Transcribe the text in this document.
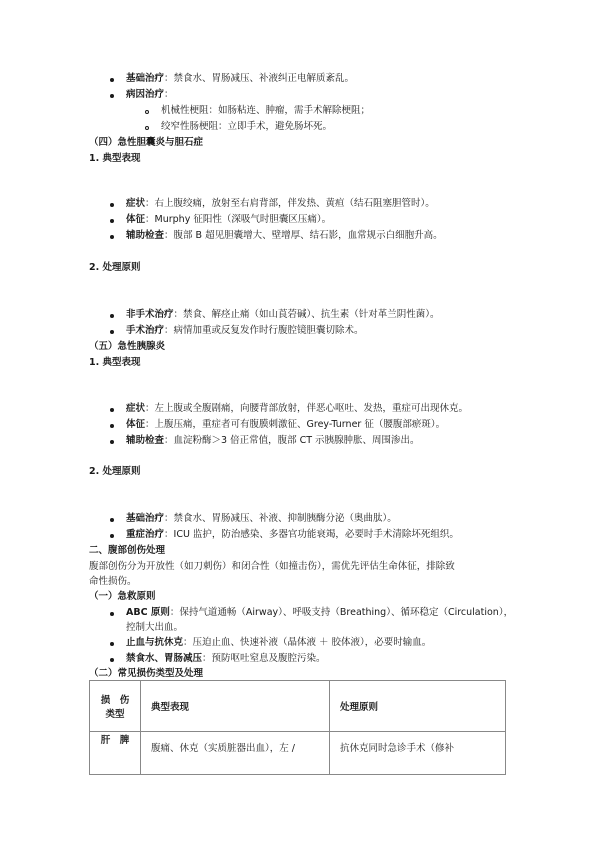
基础治疗：禁食水、胃肠减压、补液纠正电解质紊乱。
病因治疗：
机械性梗阻：如肠粘连、肿瘤，需手术解除梗阻；
绞窄性肠梗阻：立即手术，避免肠坏死。
（四）急性胆囊炎与胆石症
1. 典型表现
症状：右上腹绞痛，放射至右肩背部，伴发热、黄疸（结石阻塞胆管时）。
体征：Murphy 征阳性（深吸气时胆囊区压痛）。
辅助检查：腹部 B 超见胆囊增大、壁增厚、结石影，血常规示白细胞升高。
2. 处理原则
非手术治疗：禁食、解痉止痛（如山莨菪碱）、抗生素（针对革兰阴性菌）。
手术治疗：病情加重或反复发作时行腹腔镜胆囊切除术。
（五）急性胰腺炎
1. 典型表现
症状：左上腹或全腹剧痛，向腰背部放射，伴恶心呕吐、发热，重症可出现休克。
体征：上腹压痛，重症者可有腹膜刺激征、Grey-Turner 征（腰腹部瘀斑）。
辅助检查：血淀粉酶＞3 倍正常值，腹部 CT 示胰腺肿胀、周围渗出。
2. 处理原则
基础治疗：禁食水、胃肠减压、补液、抑制胰酶分泌（奥曲肽）。
重症治疗：ICU 监护，防治感染、多器官功能衰竭，必要时手术清除坏死组织。
二、腹部创伤处理
腹部创伤分为开放性（如刀刺伤）和闭合性（如撞击伤），需优先评估生命体征，排除致
命性损伤。
（一）急救原则
ABC 原则：保持气道通畅（Airway）、呼吸支持（Breathing）、循环稳定（Circulation），
控制大出血。
止血与抗休克：压迫止血、快速补液（晶体液 ＋ 胶体液），必要时输血。
禁食水、胃肠减压：预防呕吐窒息及腹腔污染。
（二）常见损伤类型及处理
损　伤
类型	典型表现	处理原则
肝　脾	腹痛、休克（实质脏器出血），左 /	抗休克同时急诊手术（修补
